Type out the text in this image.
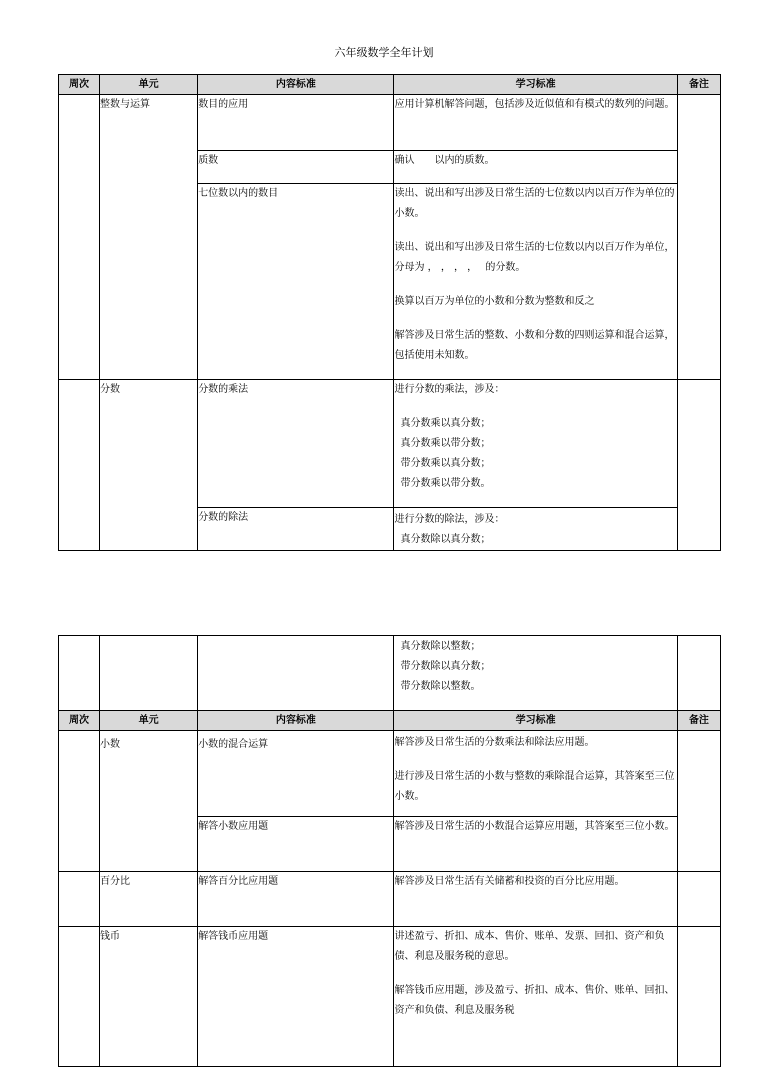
六年级数学全年计划
周次	单元	内容标准	学习标准	备注
	整数与运算	数目的应用	应用计算机解答问题，包括涉及近似值和有模式的数列的问题。	

		质数	确认　　以内的质数。	

		七位数以内的数目	读出、说出和写出涉及日常生活的七位数以内以百万作为单位的小数。
读出、说出和写出涉及日常生活的七位数以内以百万作为单位，分母为 ， ， ， ，　 的分数。
换算以百万为单位的小数和分数为整数和反之
解答涉及日常生活的整数、小数和分数的四则运算和混合运算，包括使用未知数。	

	分数	分数的乘法	进行分数的乘法，涉及：
真分数乘以真分数；
真分数乘以带分数；
带分数乘以真分数；
带分数乘以带分数。	

		分数的除法	进行分数的除法，涉及：
真分数除以真分数；	

			真分数除以整数；
带分数除以真分数；
带分数除以整数。	

周次	单元	内容标准	学习标准	备注
	小数	小数的混合运算	解答涉及日常生活的分数乘法和除法应用题。
进行涉及日常生活的小数与整数的乘除混合运算，其答案至三位小数。	

		解答小数应用题	解答涉及日常生活的小数混合运算应用题，其答案至三位小数。	

	百分比	解答百分比应用题	解答涉及日常生活有关储蓄和投资的百分比应用题。	

	钱币	解答钱币应用题	讲述盈亏、折扣、成本、售价、账单、发票、回扣、资产和负债、利息及服务税的意思。
解答钱币应用题，涉及盈亏、折扣、成本、售价、账单、回扣、资产和负债、利息及服务税	
